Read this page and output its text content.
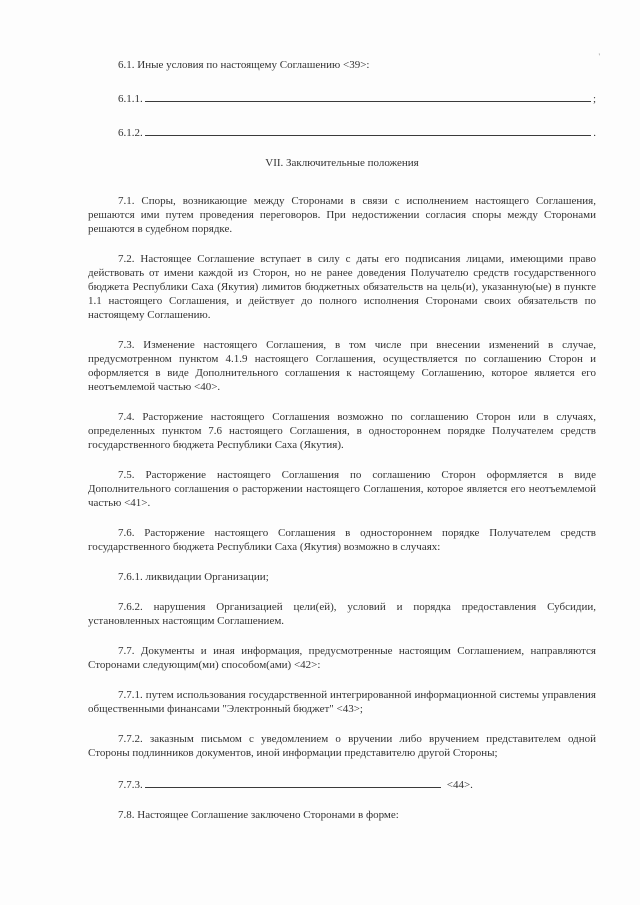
'
6.1. Иные условия по настоящему Соглашению <39>:
6.1.1.	;
6.1.2.	.
VII. Заключительные положения

7.1. Споры, возникающие между Сторонами в связи с исполнением настоящего Соглашения, решаются ими путем проведения переговоров. При недостижении согласия споры между Сторонами решаются в судебном порядке.

7.2. Настоящее Соглашение вступает в силу с даты его подписания лицами, имеющими право действовать от имени каждой из Сторон, но не ранее доведения Получателю средств государственного бюджета Республики Саха (Якутия) лимитов бюджетных обязательств на цель(и), указанную(ые) в пункте 1.1 настоящего Соглашения, и действует до полного исполнения Сторонами своих обязательств по настоящему Соглашению.

7.3. Изменение настоящего Соглашения, в том числе при внесении изменений в случае, предусмотренном пунктом 4.1.9 настоящего Соглашения, осуществляется по соглашению Сторон и оформляется в виде Дополнительного соглашения к настоящему Соглашению, которое является его неотъемлемой частью <40>.

7.4. Расторжение настоящего Соглашения возможно по соглашению Сторон или в случаях, определенных пунктом 7.6 настоящего Соглашения, в одностороннем порядке Получателем средств государственного бюджета Республики Саха (Якутия).

7.5. Расторжение настоящего Соглашения по соглашению Сторон оформляется в виде Дополнительного соглашения о расторжении настоящего Соглашения, которое является его неотъемлемой частью <41>.

7.6. Расторжение настоящего Соглашения в одностороннем порядке Получателем средств государственного бюджета Республики Саха (Якутия) возможно в случаях:

7.6.1. ликвидации Организации;

7.6.2. нарушения Организацией цели(ей), условий и порядка предоставления Субсидии, установленных настоящим Соглашением.

7.7. Документы и иная информация, предусмотренные настоящим Соглашением, направляются Сторонами следующим(ми) способом(ами) <42>:

7.7.1. путем использования государственной интегрированной информационной системы управления общественными финансами "Электронный бюджет" <43>;

7.7.2. заказным письмом с уведомлением о вручении либо вручением представителем одной Стороны подлинников документов, иной информации представителю другой Стороны;

7.7.3.	<44>.

7.8. Настоящее Соглашение заключено Сторонами в форме:
